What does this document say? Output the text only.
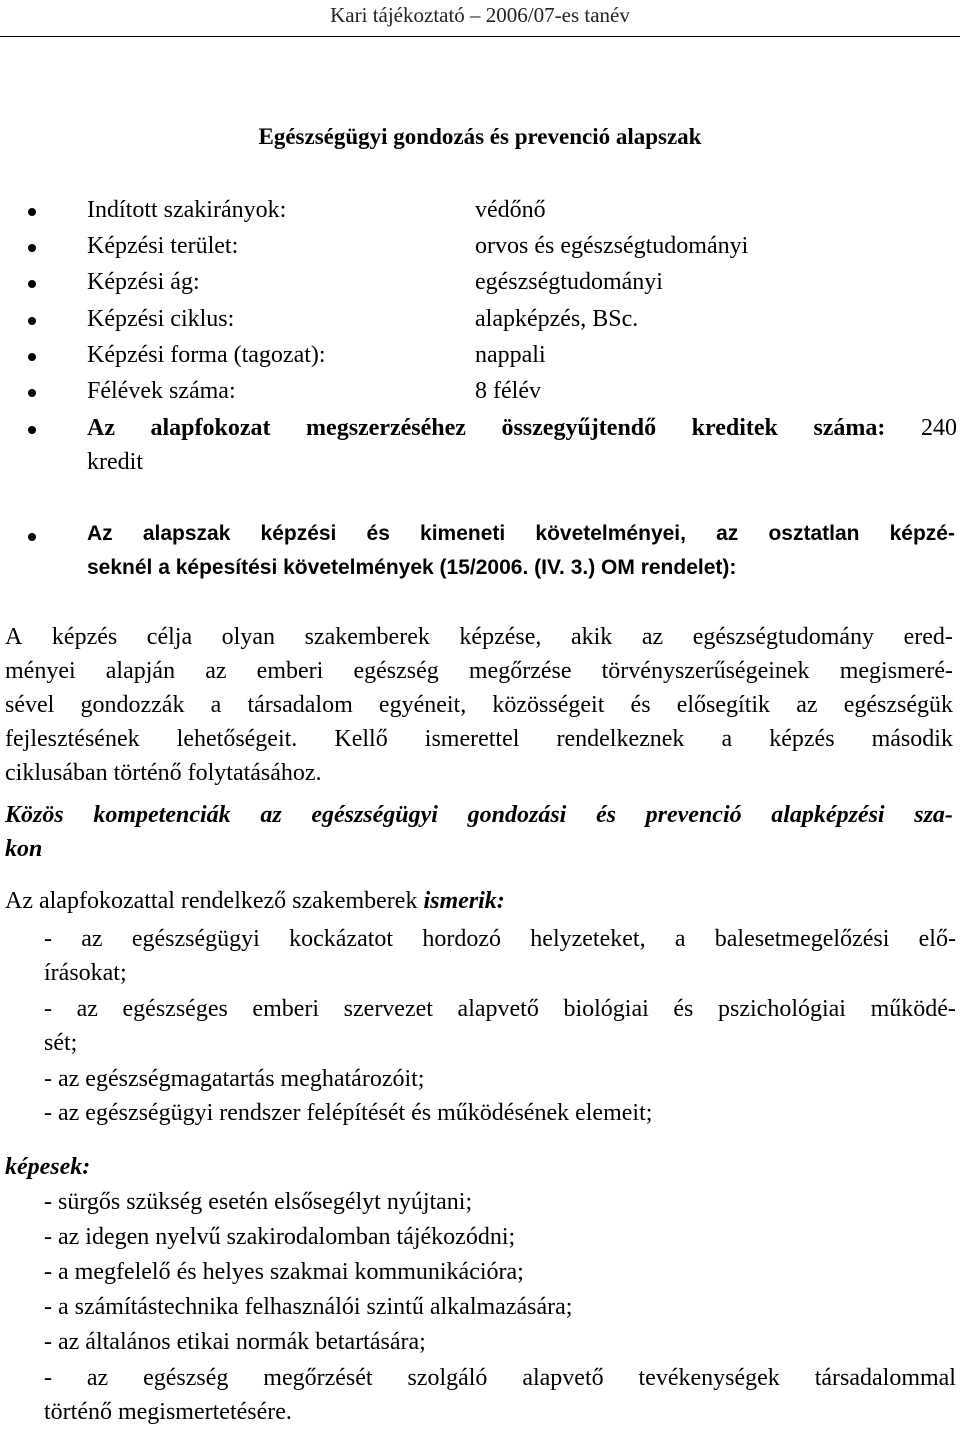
Kari tájékoztató – 2006/07-es tanév
Egészségügyi gondozás és prevenció alapszak
Indított szakirányok:	védőnő
Képzési terület:	orvos és egészségtudományi
Képzési ág:	egészségtudományi
Képzési ciklus:	alapképzés, BSc.
Képzési forma (tagozat):	nappali
Félévek száma:	8 félév
Az alapfokozat megszerzéséhez összegyűjtendő kreditek száma: 240
kredit
Az alapszak képzési és kimeneti követelményei, az osztatlan képzé-
seknél a képesítési követelmények (15/2006. (IV. 3.) OM rendelet):
A képzés célja olyan szakemberek képzése, akik az egészségtudomány ered-
ményei alapján az emberi egészség megőrzése törvényszerűségeinek megismeré-
sével gondozzák a társadalom egyéneit, közösségeit és elősegítik az egészségük
fejlesztésének lehetőségeit. Kellő ismerettel rendelkeznek a képzés második
ciklusában történő folytatásához.
Közös kompetenciák az egészségügyi gondozási és prevenció alapképzési sza-
kon
Az alapfokozattal rendelkező szakemberek ismerik:
- az egészségügyi kockázatot hordozó helyzeteket, a balesetmegelőzési elő-
írásokat;
- az egészséges emberi szervezet alapvető biológiai és pszichológiai működé-
sét;
- az egészségmagatartás meghatározóit;
- az egészségügyi rendszer felépítését és működésének elemeit;
képesek:
- sürgős szükség esetén elsősegélyt nyújtani;
- az idegen nyelvű szakirodalomban tájékozódni;
- a megfelelő és helyes szakmai kommunikációra;
- a számítástechnika felhasználói szintű alkalmazására;
- az általános etikai normák betartására;
- az egészség megőrzését szolgáló alapvető tevékenységek társadalommal
történő megismertetésére.
